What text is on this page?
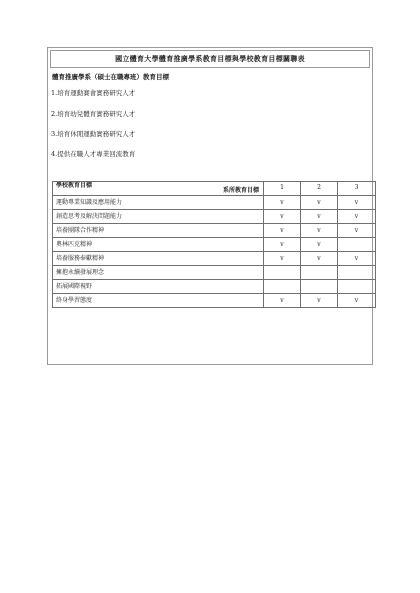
國立體育大學體育推廣學系教育目標與學校教育目標關聯表
體育推廣學系（碩士在職專班）教育目標
1.培育運動賽會實務研究人才
2.培育幼兒體育實務研究人才
3.培育休閒運動實務研究人才
4.提供在職人才專業回流教育
系所教育目標
學校教育目標	1	2	3
運動專業知識及應用能力	v	v	v
創造思考及解決問題能力	v	v	v
培養團隊合作精神	v	v	v
奧林匹克精神	v	v	
培養服務奉獻精神	v	v	v
擁抱永續發展理念			
拓展國際視野			
終身學習態度	v	v	v
